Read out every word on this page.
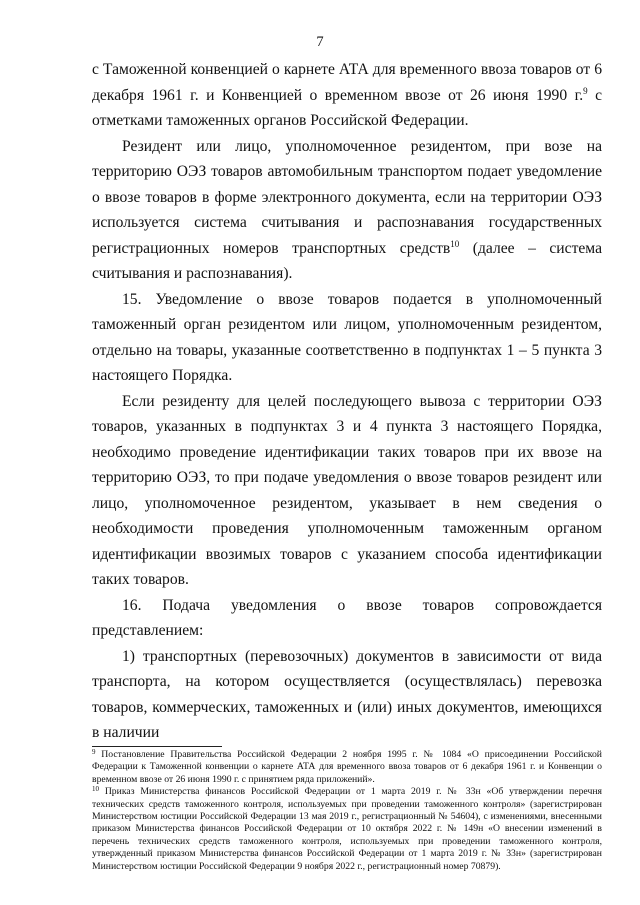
7

с Таможенной конвенцией о карнете АТА для временного ввоза товаров от 6 декабря 1961 г. и Конвенцией о временном ввозе от 26 июня 1990 г.$^9$ с отметками таможенных органов Российской Федерации.

Резидент или лицо, уполномоченное резидентом, при возе на территорию ОЭЗ товаров автомобильным транспортом подает уведомление о ввозе товаров в форме электронного документа, если на территории ОЭЗ используется система считывания и распознавания государственных регистрационных номеров транспортных средств$^{10}$ (далее – система считывания и распознавания).

15. Уведомление о ввозе товаров подается в уполномоченный таможенный орган резидентом или лицом, уполномоченным резидентом, отдельно на товары, указанные соответственно в подпунктах 1 – 5 пункта 3 настоящего Порядка.

Если резиденту для целей последующего вывоза с территории ОЭЗ товаров, указанных в подпунктах 3 и 4 пункта 3 настоящего Порядка, необходимо проведение идентификации таких товаров при их ввозе на территорию ОЭЗ, то при подаче уведомления о ввозе товаров резидент или лицо, уполномоченное резидентом, указывает в нем сведения о необходимости проведения уполномоченным таможенным органом идентификации ввозимых товаров с указанием способа идентификации таких товаров.

16. Подача уведомления о ввозе товаров сопровождается представлением:

1) транспортных (перевозочных) документов в зависимости от вида транспорта, на котором осуществляется (осуществлялась) перевозка товаров, коммерческих, таможенных и (или) иных документов, имеющихся в наличии

$^9$ Постановление Правительства Российской Федерации 2 ноября 1995 г. № 1084 «О присоединении Российской Федерации к Таможенной конвенции о карнете АТА для временного ввоза товаров от 6 декабря 1961 г. и Конвенции о временном ввозе от 26 июня 1990 г. с принятием ряда приложений».

$^{10}$ Приказ Министерства финансов Российской Федерации от 1 марта 2019 г. № 33н «Об утверждении перечня технических средств таможенного контроля, используемых при проведении таможенного контроля» (зарегистрирован Министерством юстиции Российской Федерации 13 мая 2019 г., регистрационный № 54604), с изменениями, внесенными приказом Министерства финансов Российской Федерации от 10 октября 2022 г. № 149н «О внесении изменений в перечень технических средств таможенного контроля, используемых при проведении таможенного контроля, утвержденный приказом Министерства финансов Российской Федерации от 1 марта 2019 г. № 33н» (зарегистрирован Министерством юстиции Российской Федерации 9 ноября 2022 г., регистрационный номер 70879).
